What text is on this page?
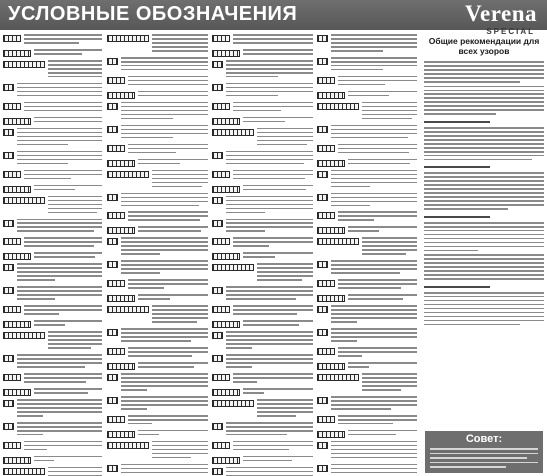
УСЛОВНЫЕ ОБОЗНАЧЕНИЯ	Verena
SPECIAL
Общие рекомендации для всех узоров
Совет:
